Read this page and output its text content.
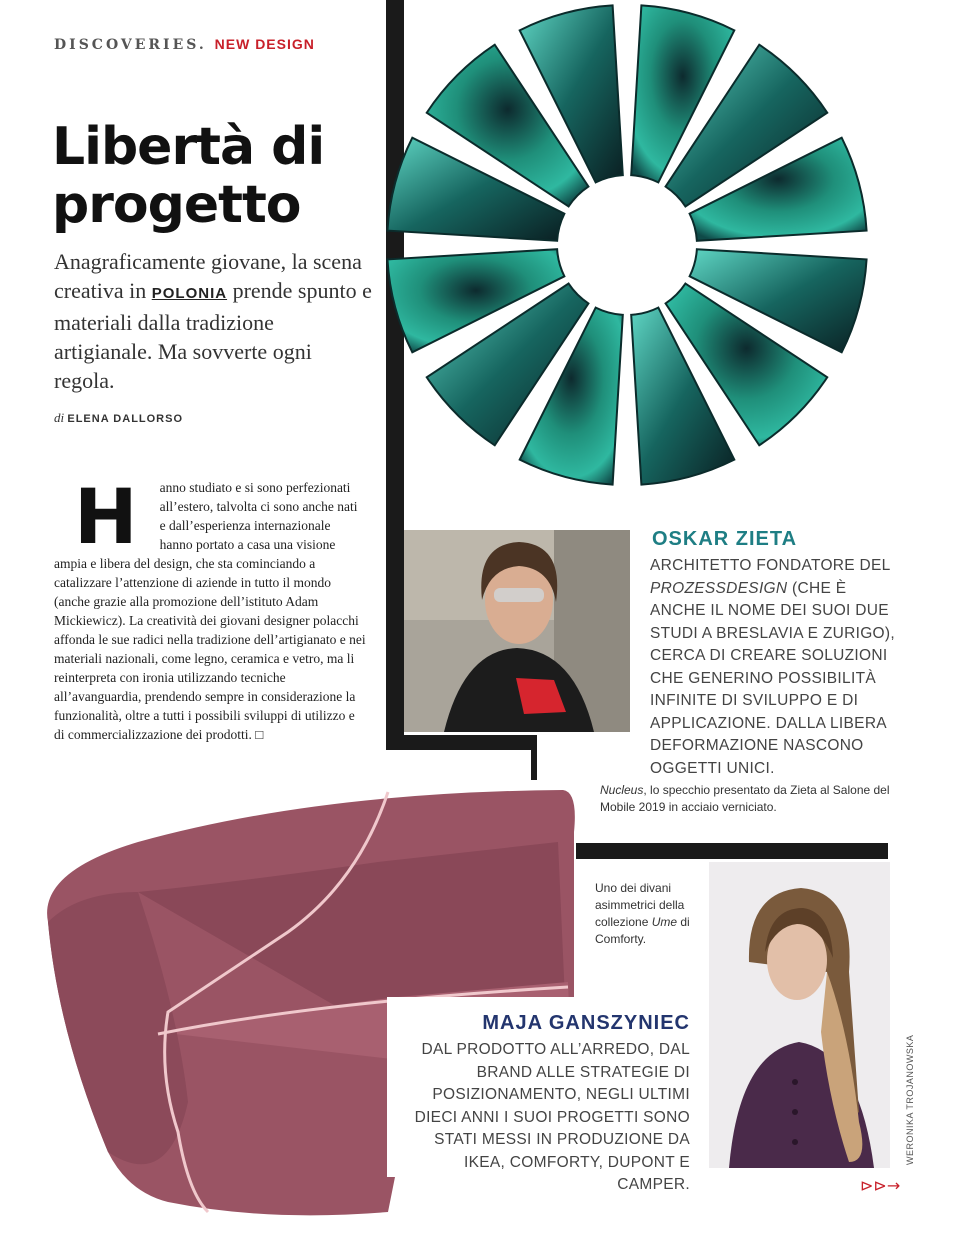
DISCOVERIES. NEW DESIGN
Libertà di progetto
Anagraficamente giovane, la scena creativa in POLONIA prende spunto e materiali dalla tradizione artigianale. Ma sovverte ogni regola.
di ELENA DALLORSO
H anno studiato e si sono perfezionati all’estero, talvolta ci sono anche nati e dall’esperienza internazionale hanno portato a casa una visione ampia e libera del design, che sta cominciando a catalizzare l’attenzione di aziende in tutto il mondo (anche grazie alla promozione dell’istituto Adam Mickiewicz). La creatività dei giovani designer polacchi affonda le sue radici nella tradizione dell’artigianato e nei materiali nazionali, come legno, ceramica e vetro, ma li reinterpreta con ironia utilizzando tecniche all’avanguardia, prendendo sempre in considerazione la funzionalità, oltre a tutti i possibili sviluppi di utilizzo e di commercializzazione dei prodotti. □
OSKAR ZIETA
ARCHITETTO FONDATORE DEL PROZESSDESIGN (CHE È ANCHE IL NOME DEI SUOI DUE STUDI A BRESLAVIA E ZURIGO), CERCA DI CREARE SOLUZIONI CHE GENERINO POSSIBILITÀ INFINITE DI SVILUPPO E DI APPLICAZIONE. DALLA LIBERA DEFORMAZIONE NASCONO OGGETTI UNICI.
Nucleus, lo specchio presentato da Zieta al Salone del Mobile 2019 in acciaio verniciato.
Uno dei divani asimmetrici della collezione Ume di Comforty.
MAJA GANSZYNIEC
DAL PRODOTTO ALL’ARREDO, DAL BRAND ALLE STRATEGIE DI POSIZIONAMENTO, NEGLI ULTIMI DIECI ANNI I SUOI PROGETTI SONO STATI MESSI IN PRODUZIONE DA IKEA, COMFORTY, DUPONT E CAMPER.
WERONIKA TROJANOWSKA
⊳⊳→
